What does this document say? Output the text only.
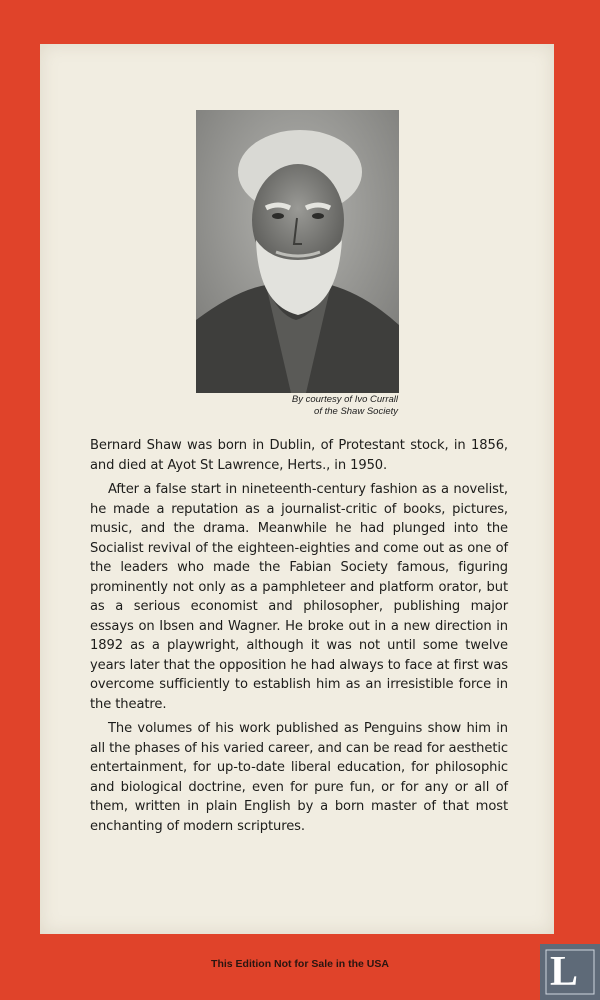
By courtesy of Ivo Currall
of the Shaw Society

Bernard Shaw was born in Dublin, of Protestant stock, in 1856, and died at Ayot St Lawrence, Herts., in 1950.

After a false start in nineteenth-century fashion as a novelist, he made a reputation as a journalist-critic of books, pictures, music, and the drama. Meanwhile he had plunged into the Socialist revival of the eighteen-eighties and come out as one of the leaders who made the Fabian Society famous, figuring prominently not only as a pamphleteer and platform orator, but as a serious economist and philosopher, publishing major essays on Ibsen and Wagner. He broke out in a new direction in 1892 as a playwright, although it was not until some twelve years later that the opposition he had always to face at first was overcome sufficiently to establish him as an irresistible force in the theatre.

The volumes of his work published as Penguins show him in all the phases of his varied career, and can be read for aesthetic entertainment, for up-to-date liberal education, for philosophic and biological doctrine, even for pure fun, or for any or all of them, written in plain English by a born master of that most enchanting of modern scriptures.

This Edition Not for Sale in the USA	L
